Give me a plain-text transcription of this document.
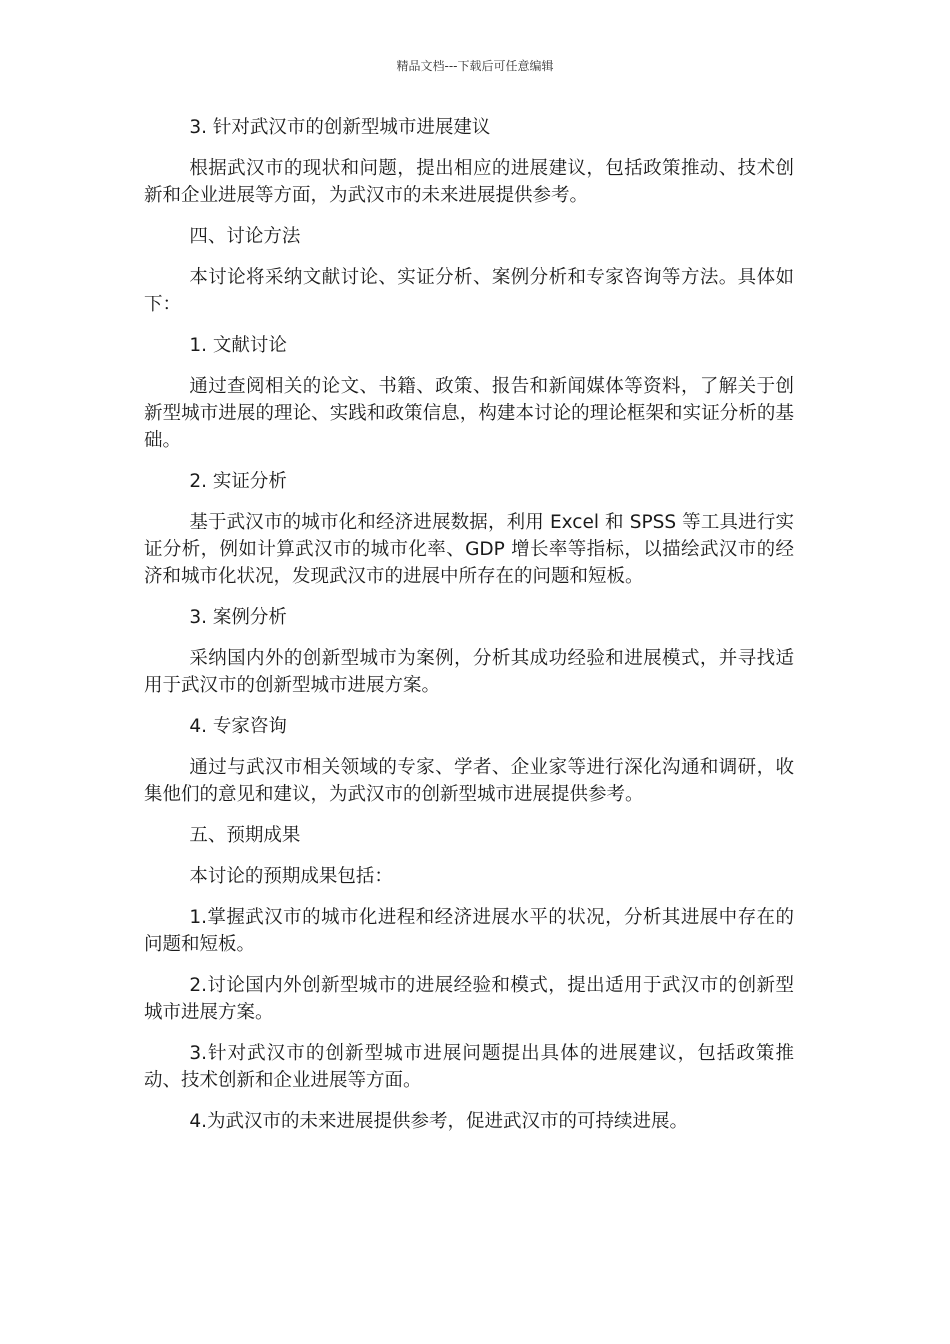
精品文档---下载后可任意编辑

3. 针对武汉市的创新型城市进展建议

根据武汉市的现状和问题，提出相应的进展建议，包括政策推动、技术创新和企业进展等方面，为武汉市的未来进展提供参考。

四、讨论方法

本讨论将采纳文献讨论、实证分析、案例分析和专家咨询等方法。具体如下：

1. 文献讨论

通过查阅相关的论文、书籍、政策、报告和新闻媒体等资料，了解关于创新型城市进展的理论、实践和政策信息，构建本讨论的理论框架和实证分析的基础。

2. 实证分析

基于武汉市的城市化和经济进展数据，利用 Excel 和 SPSS 等工具进行实证分析，例如计算武汉市的城市化率、GDP 增长率等指标，以描绘武汉市的经济和城市化状况，发现武汉市的进展中所存在的问题和短板。

3. 案例分析

采纳国内外的创新型城市为案例，分析其成功经验和进展模式，并寻找适用于武汉市的创新型城市进展方案。

4. 专家咨询

通过与武汉市相关领域的专家、学者、企业家等进行深化沟通和调研，收集他们的意见和建议，为武汉市的创新型城市进展提供参考。

五、预期成果

本讨论的预期成果包括：

1.掌握武汉市的城市化进程和经济进展水平的状况，分析其进展中存在的问题和短板。

2.讨论国内外创新型城市的进展经验和模式，提出适用于武汉市的创新型城市进展方案。

3.针对武汉市的创新型城市进展问题提出具体的进展建议，包括政策推动、技术创新和企业进展等方面。

4.为武汉市的未来进展提供参考，促进武汉市的可持续进展。
